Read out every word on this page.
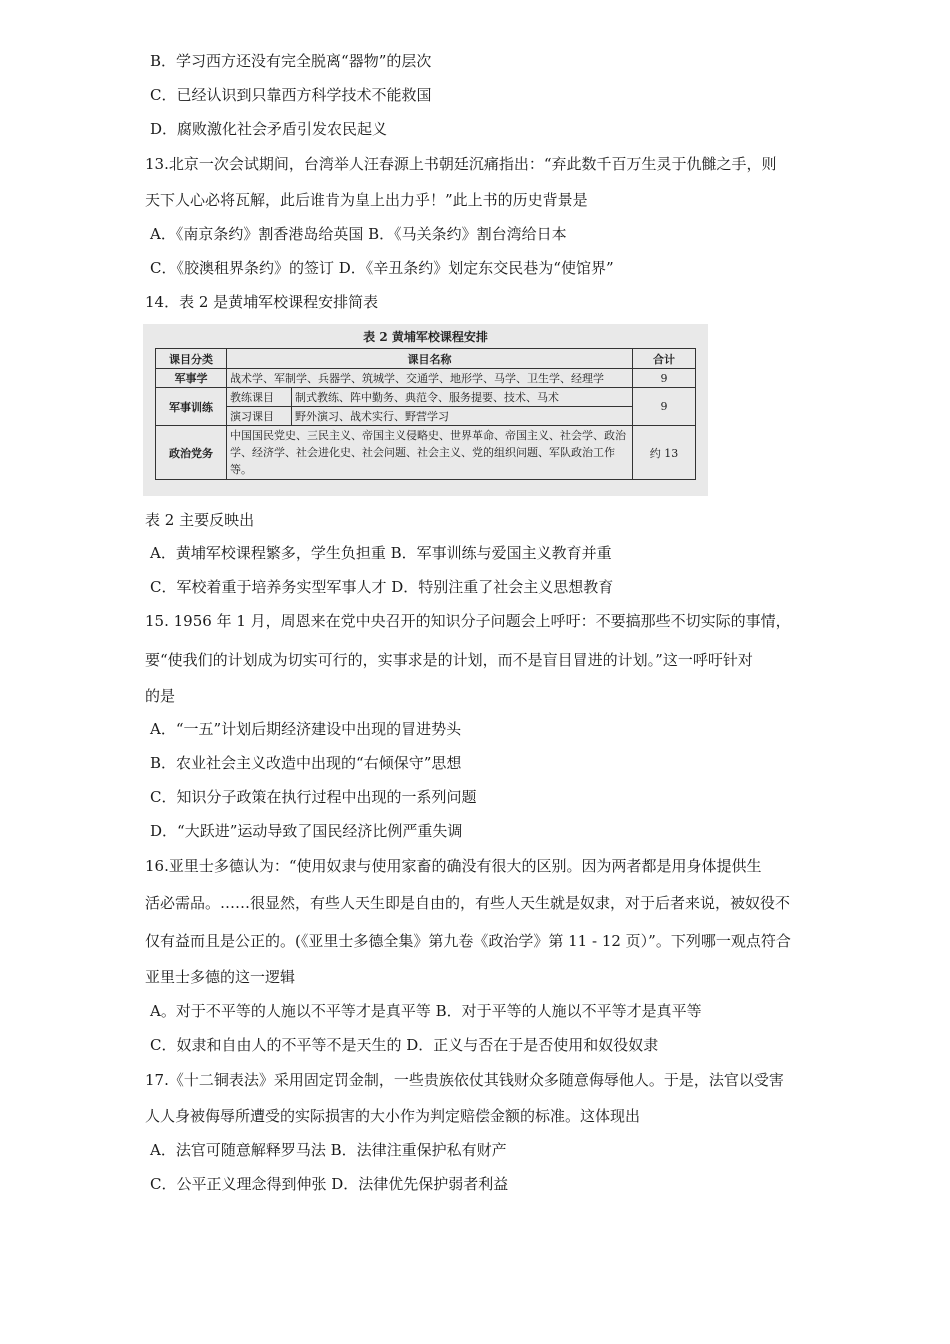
B．学习西方还没有完全脱离“器物”的层次
C．已经认识到只靠西方科学技术不能救国
D．腐败激化社会矛盾引发农民起义
13.北京一次会试期间，台湾举人汪春源上书朝廷沉痛指出：“弃此数千百万生灵于仇雠之手，则
天下人心必将瓦解，此后谁肯为皇上出力乎！”此上书的历史背景是
A．《南京条约》割香港岛给英国 B．《马关条约》割台湾给日本
C．《胶澳租界条约》的签订 D．《辛丑条约》划定东交民巷为“使馆界”
14．表 2 是黄埔军校课程安排简表
表 2 黄埔军校课程安排
课目分类	课目名称		合计
军事学	战术学、军制学、兵器学、筑城学、交通学、地形学、马学、卫生学、经理学		9
军事训练	教练课目	制式教练、阵中勤务、典范令、服务提要、技术、马术	9
	演习课目	野外演习、战术实行、野营学习	
政治党务	中国国民党史、三民主义、帝国主义侵略史、世界革命、帝国主义、社会学、政治学、经济学、社会进化史、社会问题、社会主义、党的组织问题、军队政治工作等。		约 13
表 2 主要反映出
A．黄埔军校课程繁多，学生负担重 B．军事训练与爱国主义教育并重
C．军校着重于培养务实型军事人才 D．特别注重了社会主义思想教育
15. 1956 年 1 月，周恩来在党中央召开的知识分子问题会上呼吁：不要搞那些不切实际的事情，
要“使我们的计划成为切实可行的，实事求是的计划，而不是盲目冒进的计划。”这一呼吁针对
的是
A．“一五”计划后期经济建设中出现的冒进势头
B．农业社会主义改造中出现的“右倾保守”思想
C．知识分子政策在执行过程中出现的一系列问题
D．“大跃进”运动导致了国民经济比例严重失调
16.亚里士多德认为：“使用奴隶与使用家畜的确没有很大的区别。因为两者都是用身体提供生
活必需品。……很显然，有些人天生即是自由的，有些人天生就是奴隶，对于后者来说，被奴役不
仅有益而且是公正的。(《亚里士多德全集》第九卷《政治学》第 11 - 12 页）”。下列哪一观点符合
亚里士多德的这一逻辑
A。对于不平等的人施以不平等才是真平等 B．对于平等的人施以不平等才是真平等
C．奴隶和自由人的不平等不是天生的 D．正义与否在于是否使用和奴役奴隶
17.《十二铜表法》采用固定罚金制，一些贵族依仗其钱财众多随意侮辱他人。于是，法官以受害
人人身被侮辱所遭受的实际损害的大小作为判定赔偿金额的标准。这体现出
A．法官可随意解释罗马法 B．法律注重保护私有财产
C．公平正义理念得到伸张 D．法律优先保护弱者利益
